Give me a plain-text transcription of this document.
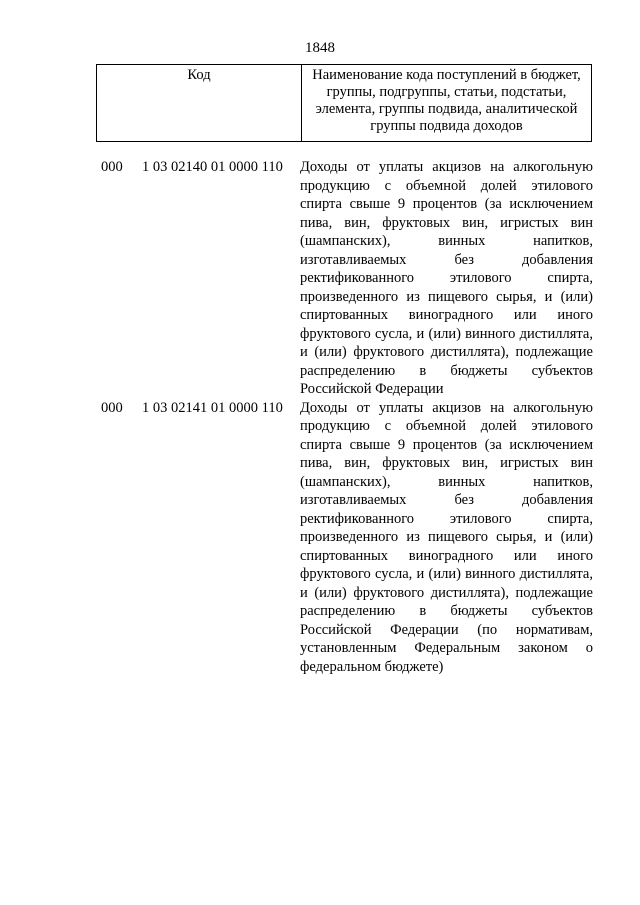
1848
Код	Наименование кода поступлений в бюджет, группы, подгруппы, статьи, подстатьи, элемента, группы подвида, аналитической группы подвида доходов
000	1 03 02140 01 0000 110	Доходы от уплаты акцизов на алкогольную продукцию с объемной долей этилового спирта свыше 9 процентов (за исключением пива, вин, фруктовых вин, игристых вин (шампанских), винных напитков, изготавливаемых без добавления ректификованного этилового спирта, произведенного из пищевого сырья, и (или) спиртованных виноградного или иного фруктового сусла, и (или) винного дистиллята, и (или) фруктового дистиллята), подлежащие распределению в бюджеты субъектов Российской Федерации
000	1 03 02141 01 0000 110	Доходы от уплаты акцизов на алкогольную продукцию с объемной долей этилового спирта свыше 9 процентов (за исключением пива, вин, фруктовых вин, игристых вин (шампанских), винных напитков, изготавливаемых без добавления ректификованного этилового спирта, произведенного из пищевого сырья, и (или) спиртованных виноградного или иного фруктового сусла, и (или) винного дистиллята, и (или) фруктового дистиллята), подлежащие распределению в бюджеты субъектов Российской Федерации (по нормативам, установленным Федеральным законом о федеральном бюджете)
